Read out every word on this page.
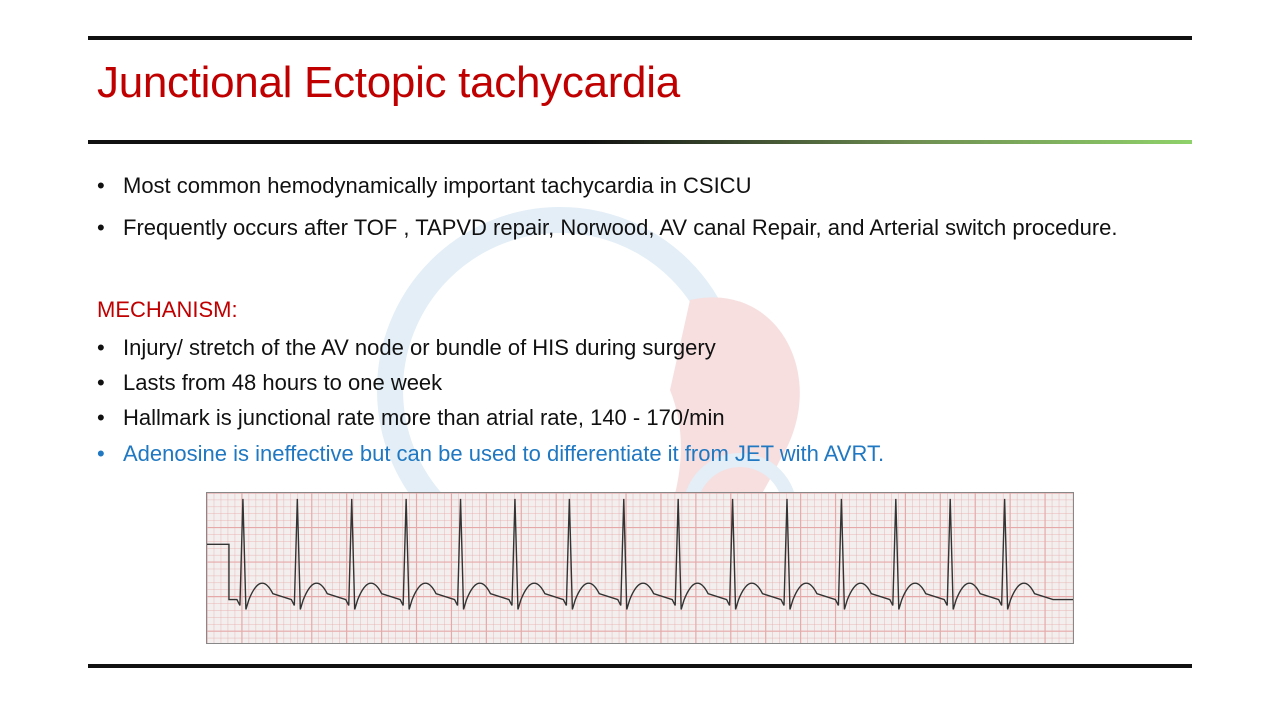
Junctional Ectopic tachycardia
• Most common hemodynamically important tachycardia in CSICU
• Frequently occurs after TOF , TAPVD repair, Norwood, AV canal Repair, and Arterial switch procedure.
MECHANISM:
• Injury/ stretch of the AV node or bundle of HIS during surgery
• Lasts from 48 hours to one week
• Hallmark is junctional rate more than atrial rate, 140 - 170/min
• Adenosine is ineffective but can be used to differentiate it from JET with AVRT.
